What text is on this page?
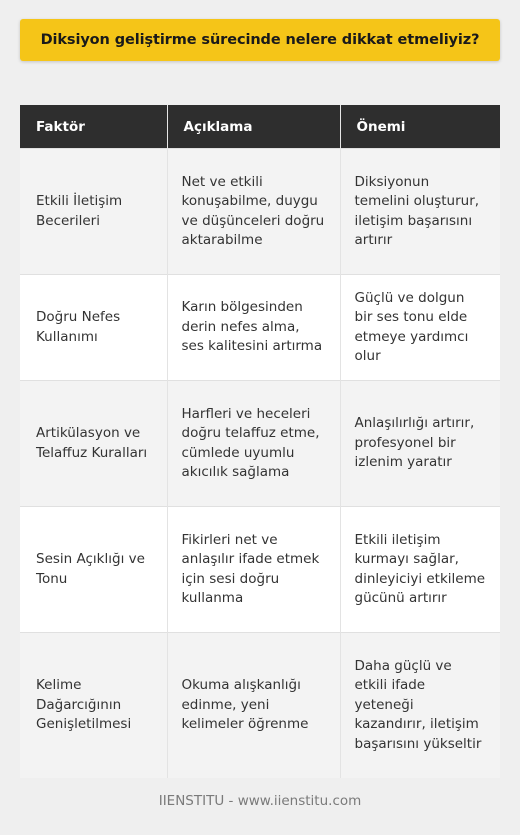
Diksiyon geliştirme sürecinde nelere dikkat etmeliyiz?
Faktör	Açıklama	Önemi
Etkili İletişim Becerileri	Net ve etkili konuşabilme, duygu ve düşünceleri doğru aktarabilme	Diksiyonun temelini oluşturur, iletişim başarısını artırır
Doğru Nefes Kullanımı	Karın bölgesinden derin nefes alma, ses kalitesini artırma	Güçlü ve dolgun bir ses tonu elde etmeye yardımcı olur
Artikülasyon ve Telaffuz Kuralları	Harfleri ve heceleri doğru telaffuz etme, cümlede uyumlu akıcılık sağlama	Anlaşılırlığı artırır, profesyonel bir izlenim yaratır
Sesin Açıklığı ve Tonu	Fikirleri net ve anlaşılır ifade etmek için sesi doğru kullanma	Etkili iletişim kurmayı sağlar, dinleyiciyi etkileme gücünü artırır
Kelime Dağarcığının Genişletilmesi	Okuma alışkanlığı edinme, yeni kelimeler öğrenme	Daha güçlü ve etkili ifade yeteneği kazandırır, iletişim başarısını yükseltir
IIENSTITU - www.iienstitu.com
